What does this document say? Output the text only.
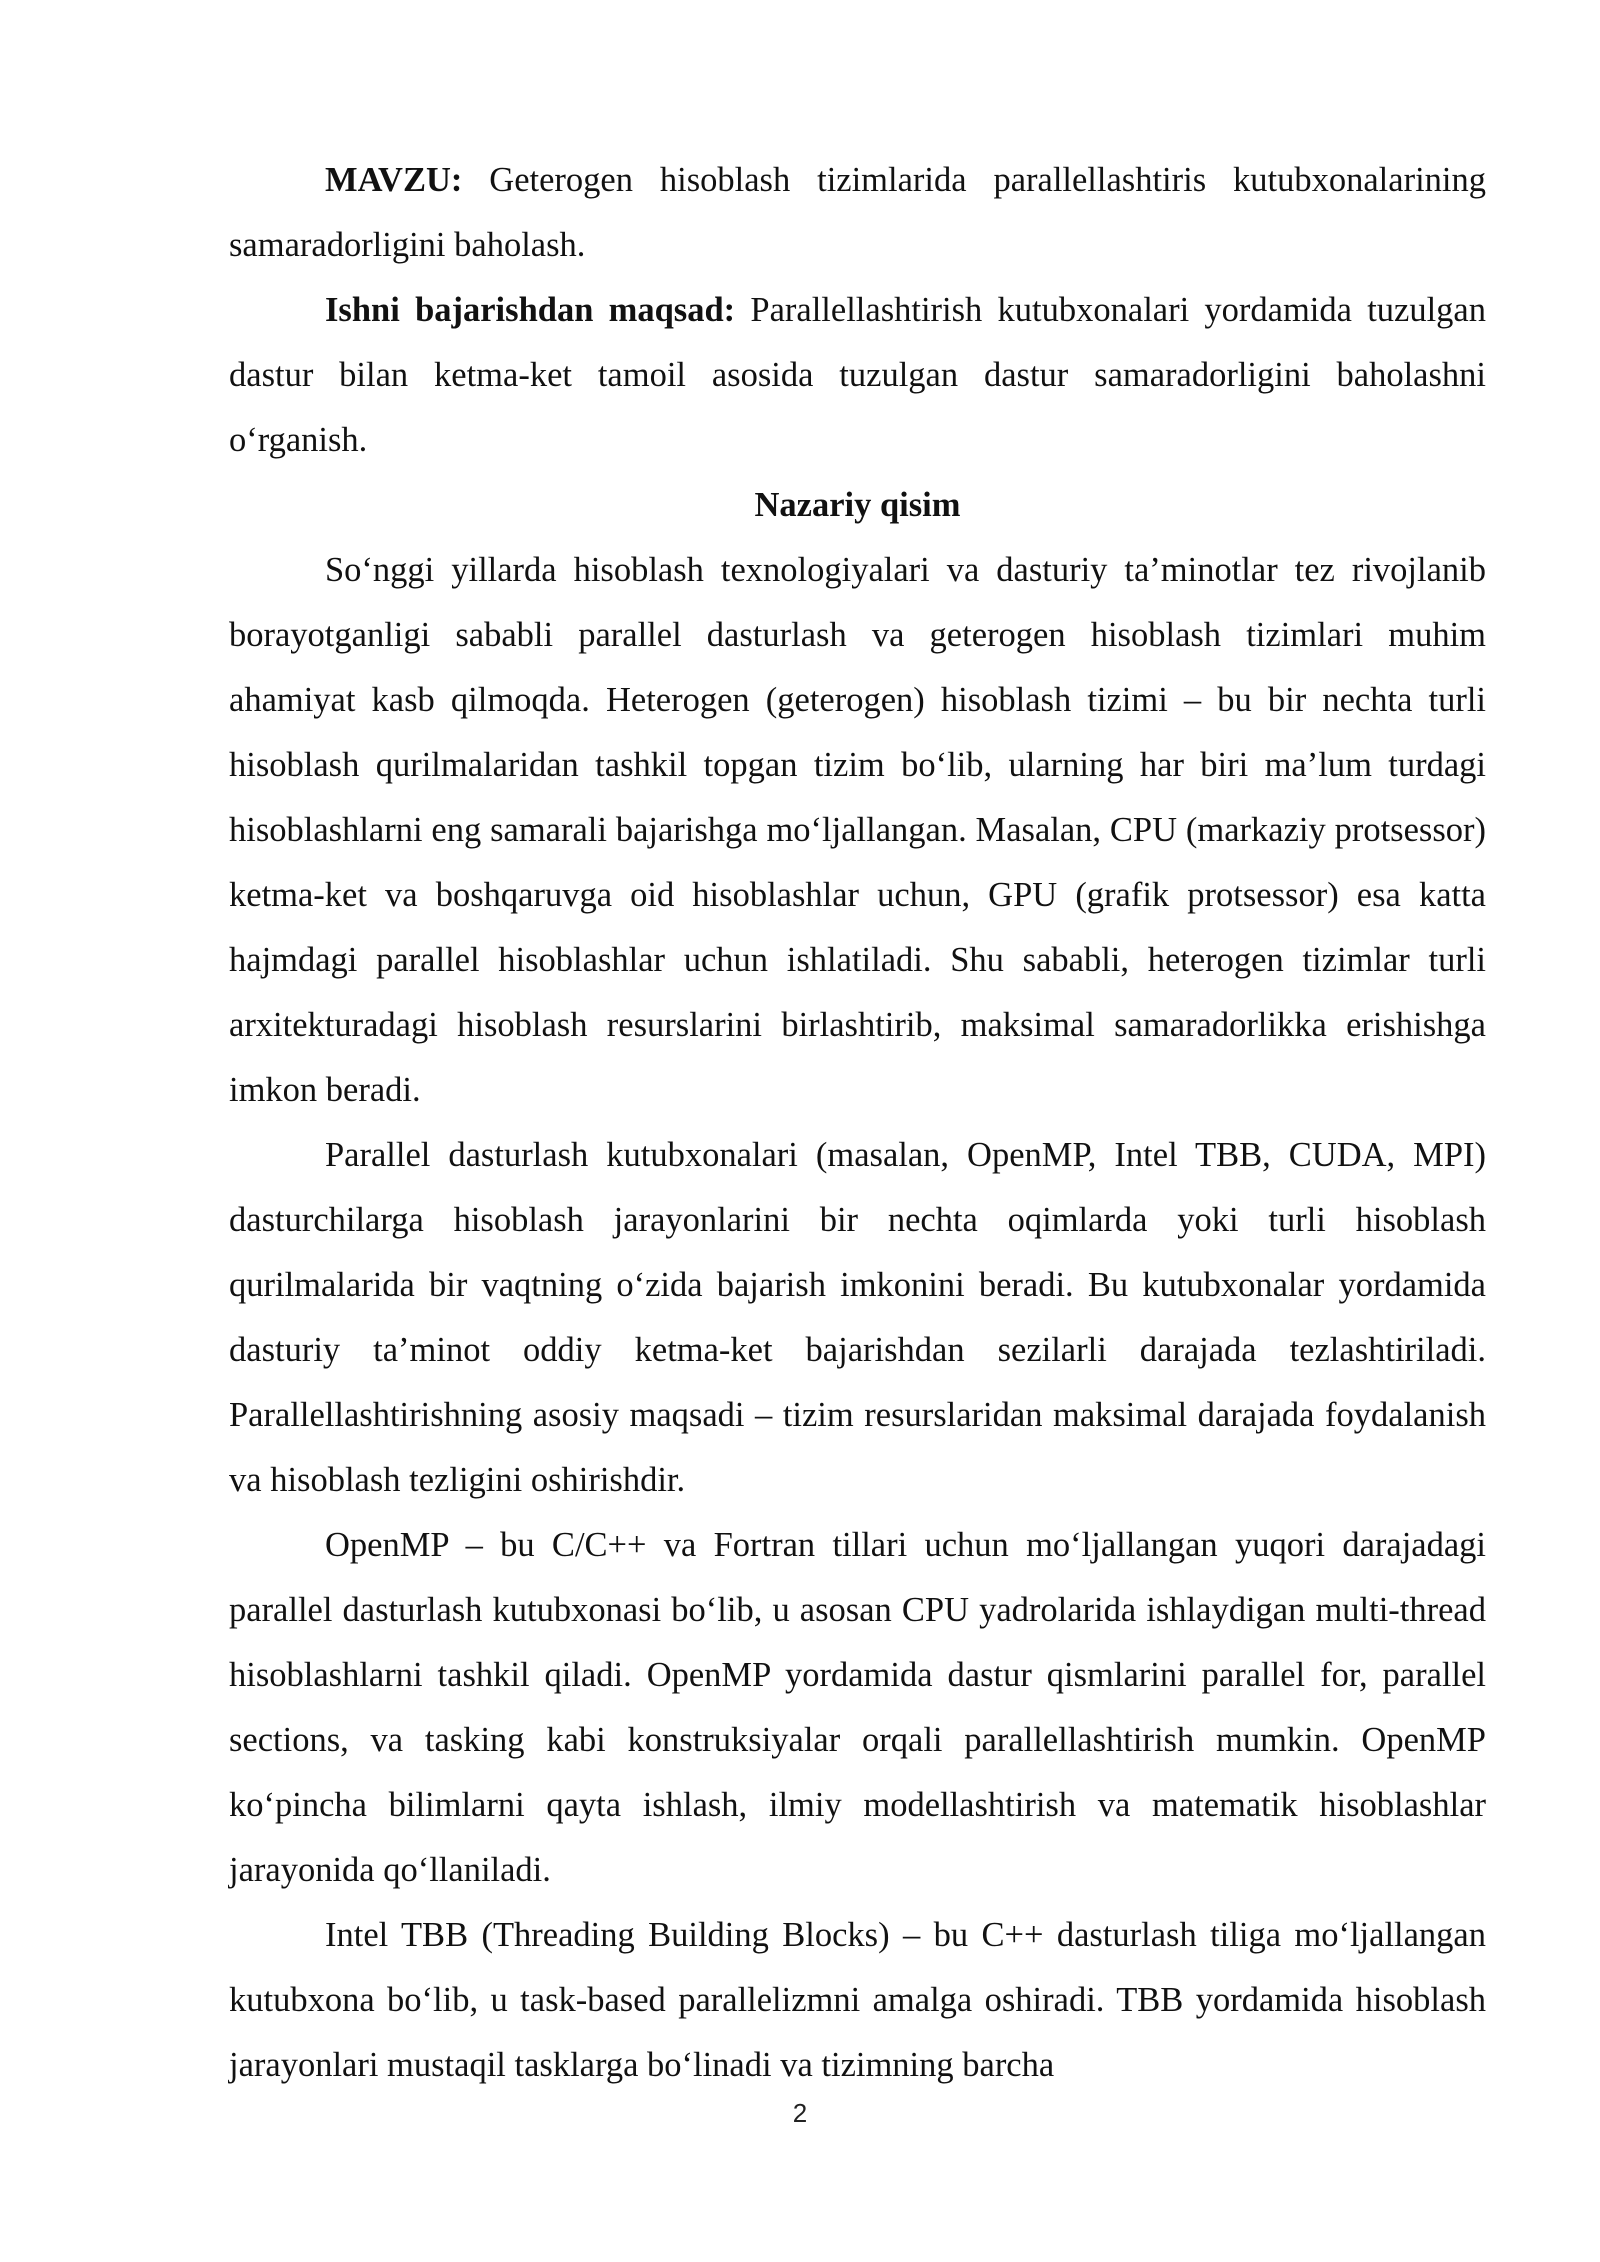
MAVZU: Geterogen hisoblash tizimlarida parallellashtiris kutubxonalarining samaradorligini baholash.

Ishni bajarishdan maqsad: Parallellashtirish kutubxonalari yordamida tuzulgan dastur bilan ketma-ket tamoil asosida tuzulgan dastur samaradorligini baholashni o‘rganish.

Nazariy qisim

So‘nggi yillarda hisoblash texnologiyalari va dasturiy ta’minotlar tez rivojlanib borayotganligi sababli parallel dasturlash va geterogen hisoblash tizimlari muhim ahamiyat kasb qilmoqda. Heterogen (geterogen) hisoblash tizimi – bu bir nechta turli hisoblash qurilmalaridan tashkil topgan tizim bo‘lib, ularning har biri ma’lum turdagi hisoblashlarni eng samarali bajarishga mo‘ljallangan. Masalan, CPU (markaziy protsessor) ketma-ket va boshqaruvga oid hisoblashlar uchun, GPU (grafik protsessor) esa katta hajmdagi parallel hisoblashlar uchun ishlatiladi. Shu sababli, heterogen tizimlar turli arxitekturadagi hisoblash resurslarini birlashtirib, maksimal samaradorlikka erishishga imkon beradi.

Parallel dasturlash kutubxonalari (masalan, OpenMP, Intel TBB, CUDA, MPI) dasturchilarga hisoblash jarayonlarini bir nechta oqimlarda yoki turli hisoblash qurilmalarida bir vaqtning o‘zida bajarish imkonini beradi. Bu kutubxonalar yordamida dasturiy ta’minot oddiy ketma-ket bajarishdan sezilarli darajada tezlashtiriladi. Parallellashtirishning asosiy maqsadi – tizim resurslaridan maksimal darajada foydalanish va hisoblash tezligini oshirishdir.

OpenMP – bu C/C++ va Fortran tillari uchun mo‘ljallangan yuqori darajadagi parallel dasturlash kutubxonasi bo‘lib, u asosan CPU yadrolarida ishlaydigan multi-thread hisoblashlarni tashkil qiladi. OpenMP yordamida dastur qismlarini parallel for, parallel sections, va tasking kabi konstruksiyalar orqali parallellashtirish mumkin. OpenMP ko‘pincha bilimlarni qayta ishlash, ilmiy modellashtirish va matematik hisoblashlar jarayonida qo‘llaniladi.

Intel TBB (Threading Building Blocks) – bu C++ dasturlash tiliga mo‘ljallangan kutubxona bo‘lib, u task-based parallelizmni amalga oshiradi. TBB yordamida hisoblash jarayonlari mustaqil tasklarga bo‘linadi va tizimning barcha

2
